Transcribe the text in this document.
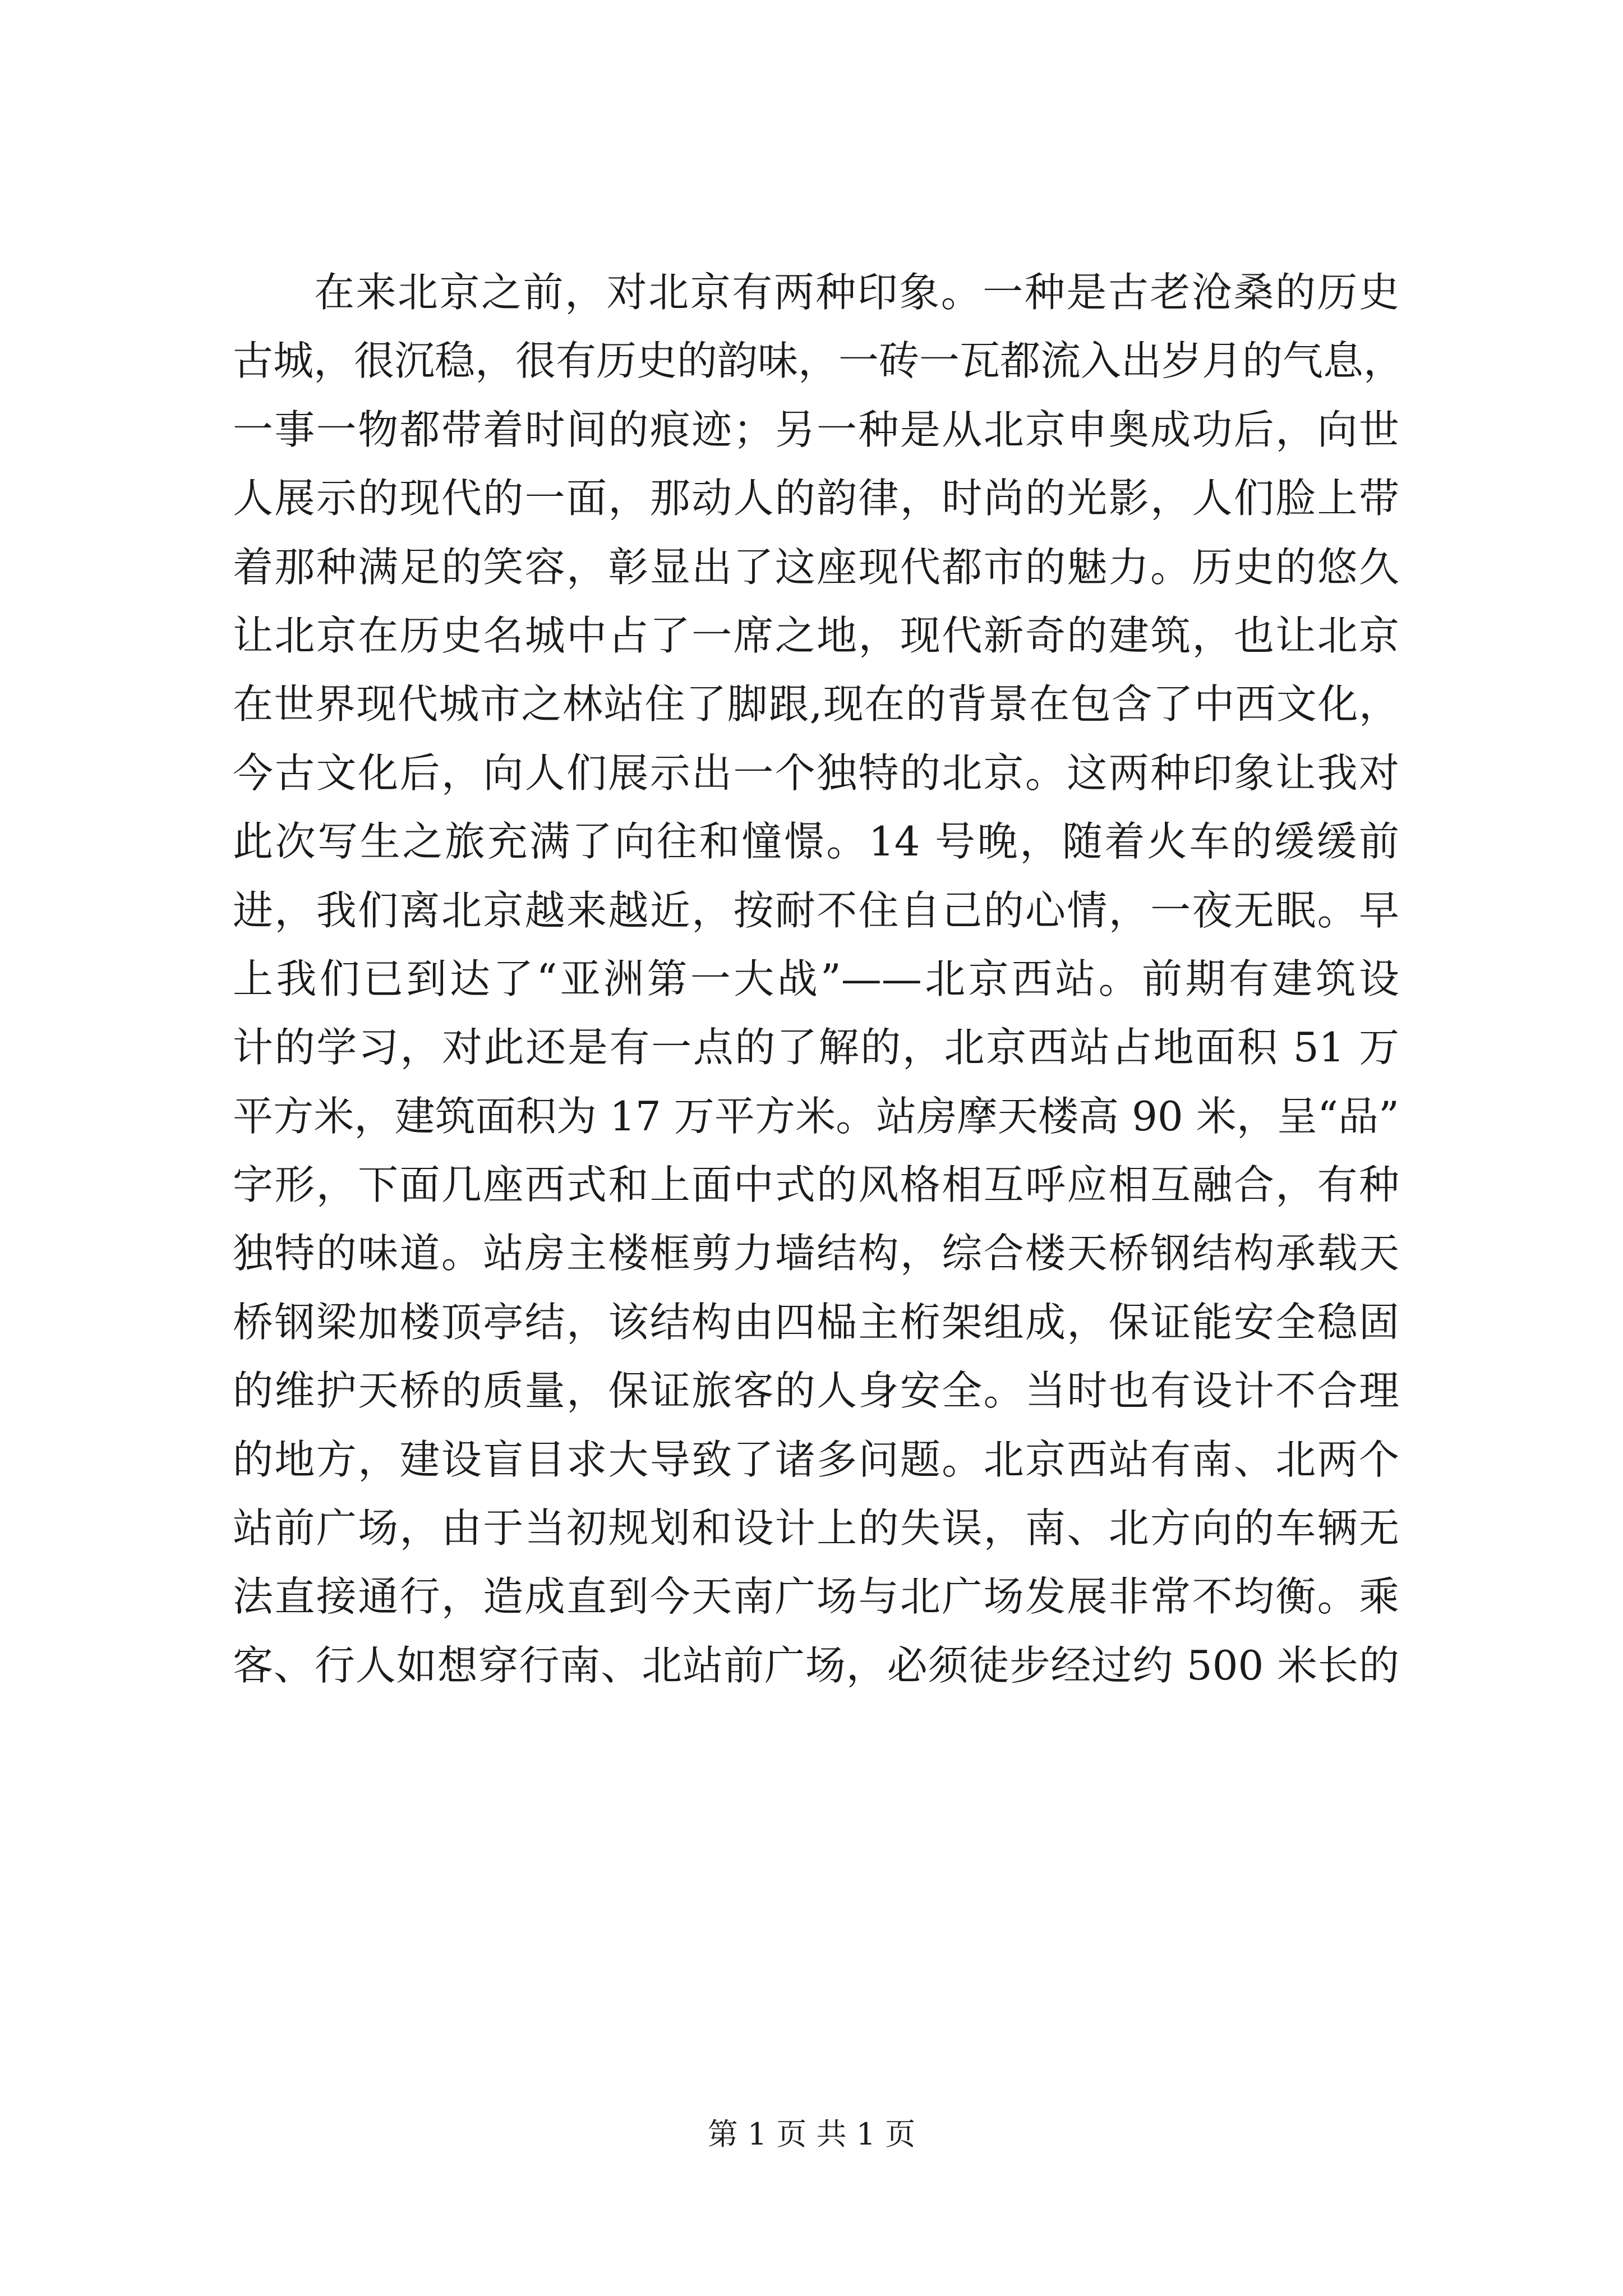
在来北京之前，对北京有两种印象。一种是古老沧桑的历史
古城，很沉稳，很有历史的韵味，一砖一瓦都流入出岁月的气息，
一事一物都带着时间的痕迹；另一种是从北京申奥成功后，向世
人展示的现代的一面，那动人的韵律，时尚的光影，人们脸上带
着那种满足的笑容，彰显出了这座现代都市的魅力。历史的悠久
让北京在历史名城中占了一席之地，现代新奇的建筑，也让北京
在世界现代城市之林站住了脚跟,现在的背景在包含了中西文化，
今古文化后，向人们展示出一个独特的北京。这两种印象让我对
此次写生之旅充满了向往和憧憬。14 号晚，随着火车的缓缓前
进，我们离北京越来越近，按耐不住自己的心情，一夜无眠。早
上我们已到达了“亚洲第一大战”——北京西站。前期有建筑设
计的学习，对此还是有一点的了解的，北京西站占地面积 51 万
平方米，建筑面积为 17 万平方米。站房摩天楼高 90 米，呈“品”
字形，下面几座西式和上面中式的风格相互呼应相互融合，有种
独特的味道。站房主楼框剪力墙结构，综合楼天桥钢结构承载天
桥钢梁加楼顶亭结，该结构由四榀主桁架组成，保证能安全稳固
的维护天桥的质量，保证旅客的人身安全。当时也有设计不合理
的地方，建设盲目求大导致了诸多问题。北京西站有南、北两个
站前广场，由于当初规划和设计上的失误，南、北方向的车辆无
法直接通行，造成直到今天南广场与北广场发展非常不均衡。乘
客、行人如想穿行南、北站前广场，必须徒步经过约 500 米长的
第 1 页 共 1 页
